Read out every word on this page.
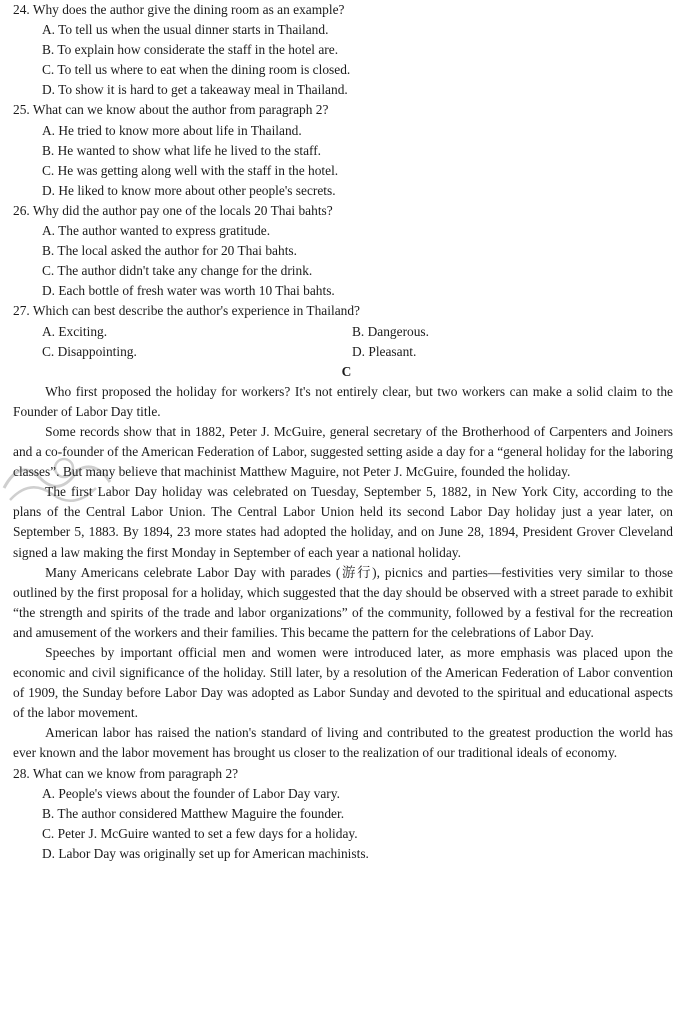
24. Why does the author give the dining room as an example?
A. To tell us when the usual dinner starts in Thailand.
B. To explain how considerate the staff in the hotel are.
C. To tell us where to eat when the dining room is closed.
D. To show it is hard to get a takeaway meal in Thailand.
25. What can we know about the author from paragraph 2?
A. He tried to know more about life in Thailand.
B. He wanted to show what life he lived to the staff.
C. He was getting along well with the staff in the hotel.
D. He liked to know more about other people's secrets.
26. Why did the author pay one of the locals 20 Thai bahts?
A. The author wanted to express gratitude.
B. The local asked the author for 20 Thai bahts.
C. The author didn't take any change for the drink.
D. Each bottle of fresh water was worth 10 Thai bahts.
27. Which can best describe the author's experience in Thailand?
A. Exciting.	B. Dangerous.
C. Disappointing.	D. Pleasant.
C

Who first proposed the holiday for workers? It's not entirely clear, but two workers can make a solid claim to the Founder of Labor Day title.

Some records show that in 1882, Peter J. McGuire, general secretary of the Brotherhood of Carpenters and Joiners and a co-founder of the American Federation of Labor, suggested setting aside a day for a “general holiday for the laboring classes”. But many believe that machinist Matthew Maguire, not Peter J. McGuire, founded the holiday.

The first Labor Day holiday was celebrated on Tuesday, September 5, 1882, in New York City, according to the plans of the Central Labor Union. The Central Labor Union held its second Labor Day holiday just a year later, on September 5, 1883. By 1894, 23 more states had adopted the holiday, and on June 28, 1894, President Grover Cleveland signed a law making the first Monday in September of each year a national holiday.

Many Americans celebrate Labor Day with parades (游行), picnics and parties—festivities very similar to those outlined by the first proposal for a holiday, which suggested that the day should be observed with a street parade to exhibit “the strength and spirits of the trade and labor organizations” of the community, followed by a festival for the recreation and amusement of the workers and their families. This became the pattern for the celebrations of Labor Day.

Speeches by important official men and women were introduced later, as more emphasis was placed upon the economic and civil significance of the holiday. Still later, by a resolution of the American Federation of Labor convention of 1909, the Sunday before Labor Day was adopted as Labor Sunday and devoted to the spiritual and educational aspects of the labor movement.

American labor has raised the nation's standard of living and contributed to the greatest production the world has ever known and the labor movement has brought us closer to the realization of our traditional ideals of economy.

28. What can we know from paragraph 2?
A. People's views about the founder of Labor Day vary.
B. The author considered Matthew Maguire the founder.
C. Peter J. McGuire wanted to set a few days for a holiday.
D. Labor Day was originally set up for American machinists.
